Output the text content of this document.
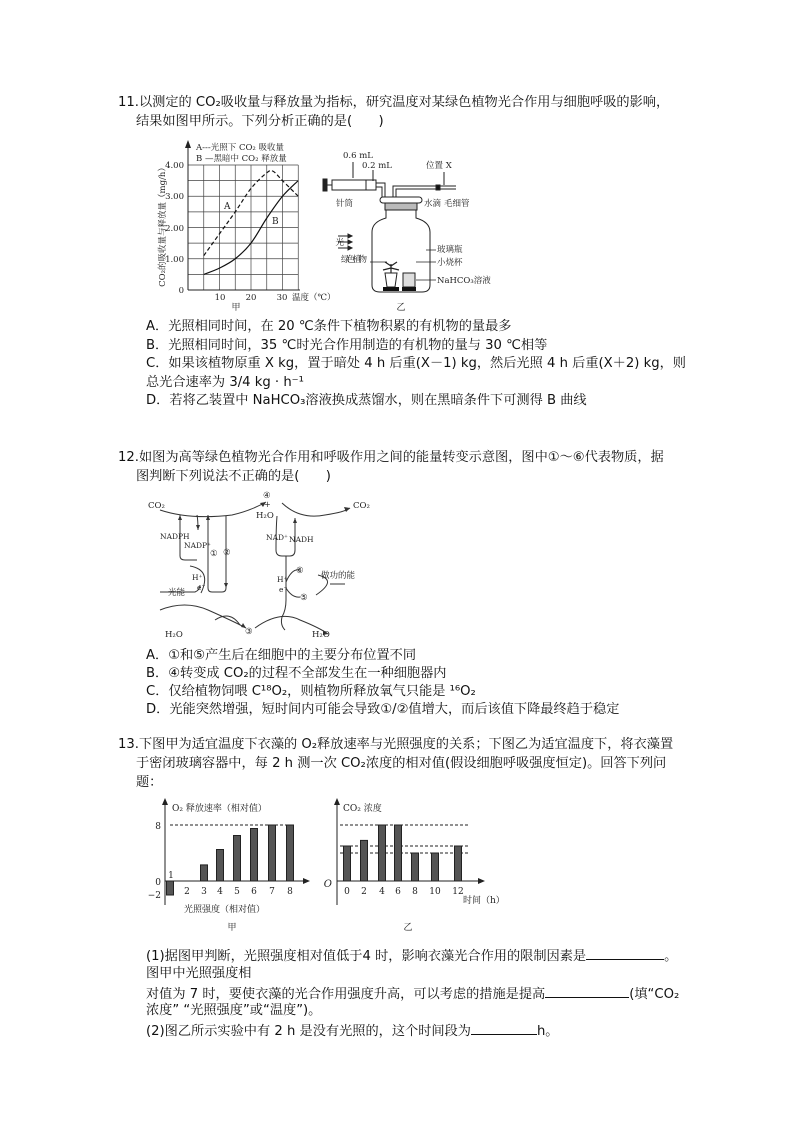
11.以测定的 CO₂吸收量与释放量为指标，研究温度对某绿色植物光合作用与细胞呼吸的影响，
结果如图甲所示。下列分析正确的是(　　)
A---光照下 CO₂ 吸收量
B —黑暗中 CO₂ 释放量
A
B
4.00
3.00
2.00
1.00
0
10 20 30 温度（℃）
甲
CO₂的吸收量与释放量（mg/h）
0.6 mL
0.2 mL	位置 X
针筒	水滴 毛细管
光
玻璃瓶
小烧杯
绿色植物
NaHCO₃溶液
乙
A．光照相同时间，在 20 ℃条件下植物积累的有机物的量最多
B．光照相同时间，35 ℃时光合作用制造的有机物的量与 30 ℃相等
C．如果该植物原重 X kg，置于暗处 4 h 后重(X－1) kg，然后光照 4 h 后重(X＋2) kg，则
总光合速率为 3/4 kg · h⁻¹
D．若将乙装置中 NaHCO₃溶液换成蒸馏水，则在黑暗条件下可测得 B 曲线
12.如图为高等绿色植物光合作用和呼吸作用之间的能量转变示意图，图中①～⑥代表物质，据
图判断下列说法不正确的是(　　)
CO₂
④
+
H₂O
CO₂
NADPH
NADP⁺
① ②
NAD⁺ NADH
⑥ 做功的能
H⁺
e⁻
H⁺
e⁻
光能	⑤
③
H₂O	H₂O
A．①和⑤产生后在细胞中的主要分布位置不同
B．④转变成 CO₂的过程不全部发生在一种细胞器内
C．仅给植物饲喂 C¹⁸O₂，则植物所释放氧气只能是 ¹⁶O₂
D．光能突然增强，短时间内可能会导致①/②值增大，而后该值下降最终趋于稳定
13.下图甲为适宜温度下衣藻的 O₂释放速率与光照强度的关系；下图乙为适宜温度下，将衣藻置
于密闭玻璃容器中，每 2 h 测一次 CO₂浓度的相对值(假设细胞呼吸强度恒定)。回答下列问
题：
1
2 3 4 5 6 7 8
O₂ 释放速率（相对值）
8
0
−2
光照强度（相对值）
甲
0 2 4 6 8 10 12
CO₂ 浓度
O
时间（h）
乙
(1)据图甲判断，光照强度相对值低于4 时，影响衣藻光合作用的限制因素是	。
图甲中光照强度相
对值为 7 时，要使衣藻的光合作用强度升高，可以考虑的措施是提高	(填“CO₂
浓度” “光照强度”或“温度”)。
(2)图乙所示实验中有 2 h 是没有光照的，这个时间段为	h。
